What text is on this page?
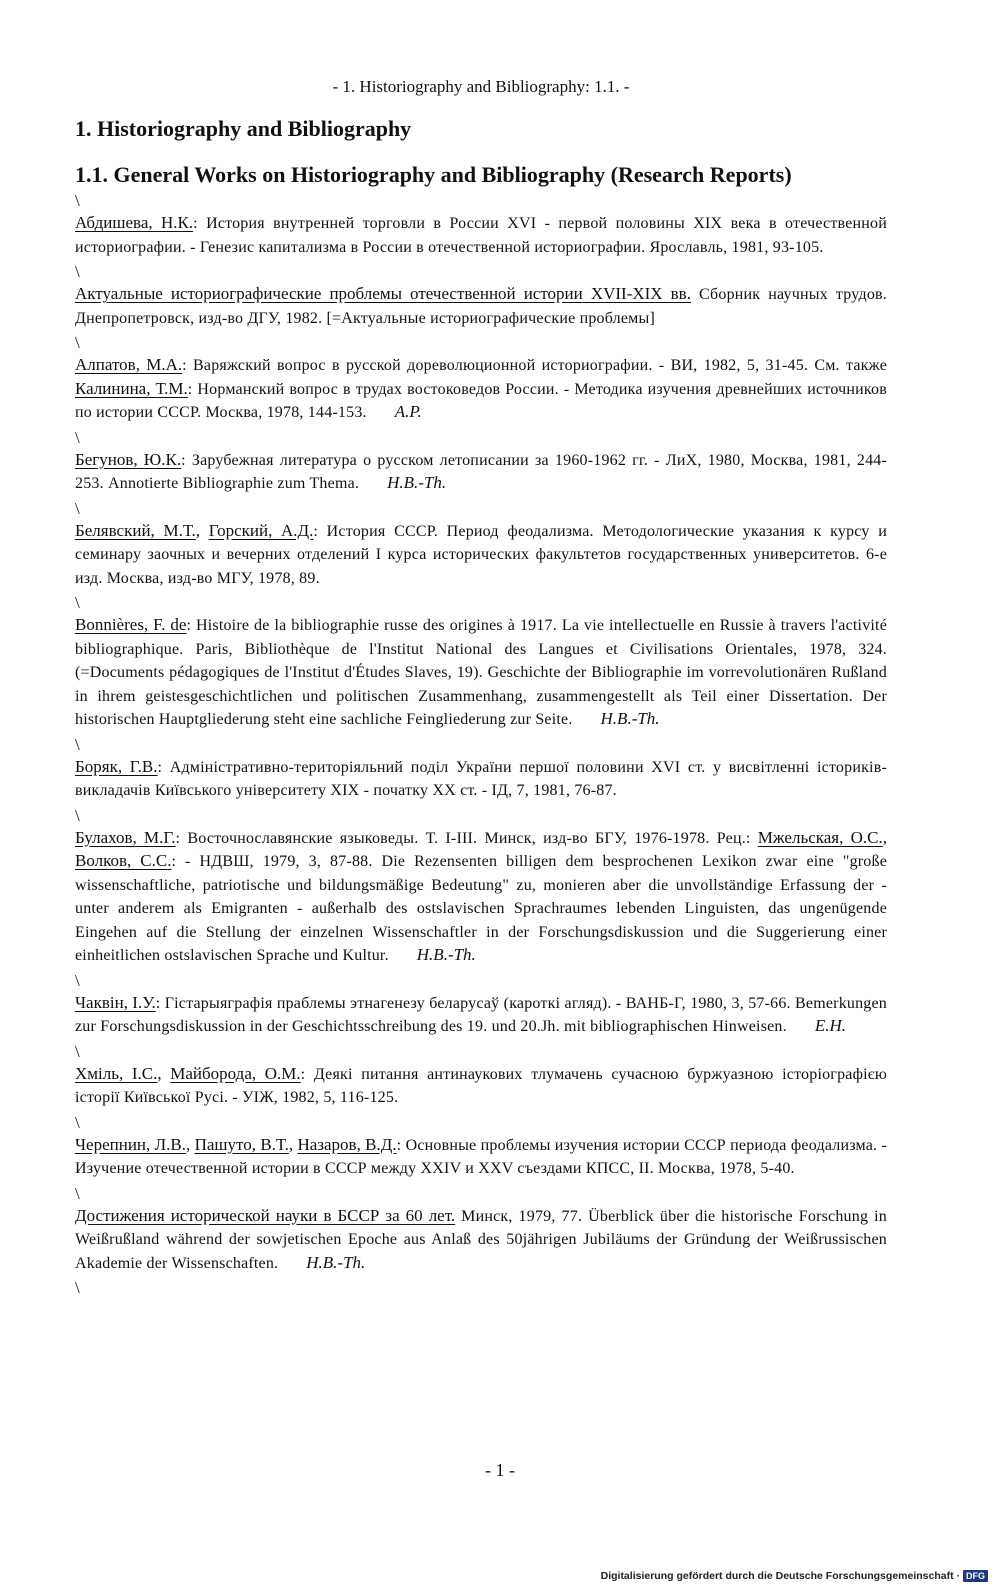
- 1. Historiography and Bibliography: 1.1. -
1. Historiography and Bibliography
1.1. General Works on Historiography and Bibliography (Research Reports)
\
Абдишева, Н.К.: История внутренней торговли в России XVI - первой половины XIX века в отечественной историографии. - Генезис капитализма в России в отечественной историографии. Ярославль, 1981, 93-105.
\
Актуальные историографические проблемы отечественной истории XVII-XIX вв. Сборник научных трудов. Днепропетровск, изд-во ДГУ, 1982. [=Актуальные историографические проблемы]
\
Алпатов, М.А.: Варяжский вопрос в русской дореволюционной историографии. - ВИ, 1982, 5, 31-45. См. также Калинина, Т.М.: Норманский вопрос в трудах востоковедов России. - Методика изучения древнейших источников по истории СССР. Москва, 1978, 144-153. A.P.
\
Бегунов, Ю.К.: Зарубежная литература о русском летописании за 1960-1962 гг. - ЛиХ, 1980, Москва, 1981, 244-253. Annotierte Bibliographie zum Thema. H.B.-Th.
\
Белявский, М.Т., Горский, А.Д.: История СССР. Период феодализма. Методологические указания к курсу и семинару заочных и вечерних отделений I курса исторических факультетов государственных университетов. 6-е изд. Москва, изд-во МГУ, 1978, 89.
\
Bonnières, F. de: Histoire de la bibliographie russe des origines à 1917. La vie intellectuelle en Russie à travers l'activité bibliographique. Paris, Bibliothèque de l'Institut National des Langues et Civilisations Orientales, 1978, 324. (=Documents pédagogiques de l'Institut d'Études Slaves, 19). Geschichte der Bibliographie im vorrevolutionären Rußland in ihrem geistesgeschichtlichen und politischen Zusammenhang, zusammengestellt als Teil einer Dissertation. Der historischen Hauptgliederung steht eine sachliche Feingliederung zur Seite. H.B.-Th.
\
Боряк, Г.В.: Адміністративно-територіяльний поділ України першої половини XVI ст. у висвітленні істориків-викладачів Київського університету XIX - початку XX ст. - IД, 7, 1981, 76-87.
\
Булахов, М.Г.: Восточнославянские языковеды. Т. I-III. Минск, изд-во БГУ, 1976-1978. Рец.: Мжельская, О.С., Волков, С.С.: - НДВШ, 1979, 3, 87-88. Die Rezensenten billigen dem besprochenen Lexikon zwar eine "große wissenschaftliche, patriotische und bildungsmäßige Bedeutung" zu, monieren aber die unvollständige Erfassung der - unter anderem als Emigranten - außerhalb des ostslavischen Sprachraumes lebenden Linguisten, das ungenügende Eingehen auf die Stellung der einzelnen Wissenschaftler in der Forschungsdiskussion und die Suggerierung einer einheitlichen ostslavischen Sprache und Kultur. H.B.-Th.
\
Чаквін, І.У.: Гістарыяграфія праблемы этнагенезу беларусаў (кароткі агляд). - ВАНБ-Г, 1980, 3, 57-66. Bemerkungen zur Forschungsdiskussion in der Geschichtsschreibung des 19. und 20.Jh. mit bibliographischen Hinweisen. E.H.
\
Хміль, І.С., Майборода, О.М.: Деякі питання антинаукових тлумачень сучасною буржуазною історіографією історії Київської Русі. - УІЖ, 1982, 5, 116-125.
\
Черепнин, Л.В., Пашуто, В.Т., Назаров, В.Д.: Основные проблемы изучения истории СССР периода феодализма. - Изучение отечественной истории в СССР между XXIV и XXV съездами КПСС, II. Москва, 1978, 5-40.
\
Достижения исторической науки в БССР за 60 лет. Минск, 1979, 77. Überblick über die historische Forschung in Weißrußland während der sowjetischen Epoche aus Anlaß des 50jährigen Jubiläums der Gründung der Weißrussischen Akademie der Wissenschaften. H.B.-Th.
\
- 1 -
Digitalisierung gefördert durch die Deutsche Forschungsgemeinschaft · DFG
